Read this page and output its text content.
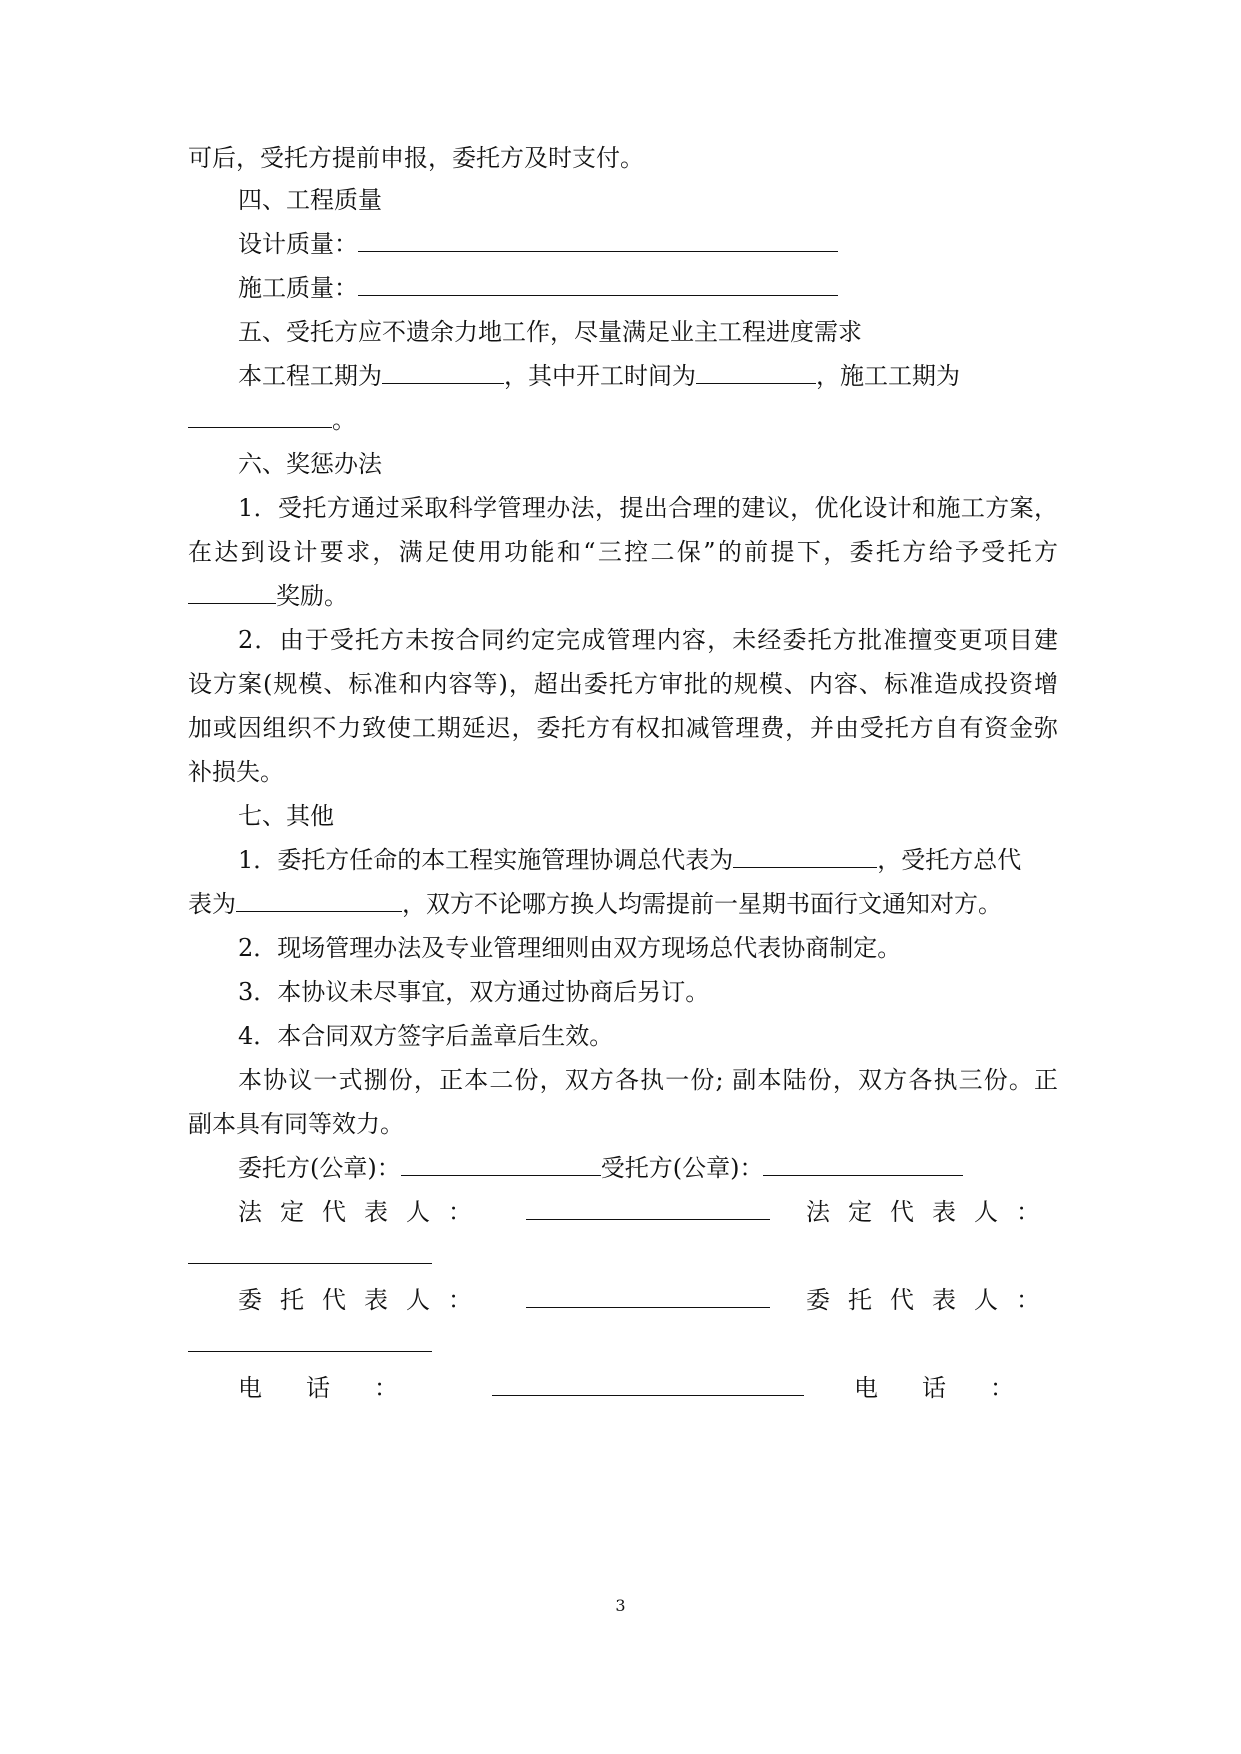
可后，受托方提前申报，委托方及时支付。
四、工程质量
设计质量：
施工质量：
五、受托方应不遗余力地工作，尽量满足业主工程进度需求
本工程工期为	，其中开工时间为	，施工工期为
。
六、奖惩办法
1．受托方通过采取科学管理办法，提出合理的建议，优化设计和施工方案，
在达到设计要求，满足使用功能和“三控二保”的前提下，委托方给予受托方
奖励。
2．由于受托方未按合同约定完成管理内容，未经委托方批准擅变更项目建
设方案(规模、标准和内容等)，超出委托方审批的规模、内容、标准造成投资增
加或因组织不力致使工期延迟，委托方有权扣减管理费，并由受托方自有资金弥
补损失。
七、其他
1．委托方任命的本工程实施管理协调总代表为	，受托方总代
表为	，双方不论哪方换人均需提前一星期书面行文通知对方。
2．现场管理办法及专业管理细则由双方现场总代表协商制定。
3．本协议未尽事宜，双方通过协商后另订。
4．本合同双方签字后盖章后生效。
本协议一式捌份，正本二份，双方各执一份; 副本陆份，双方各执三份。正
副本具有同等效力。
委托方(公章)：	受托方(公章)：
法定代表人：	法定代表人：
委托代表人：	委托代表人：
电话：	电话：
3
